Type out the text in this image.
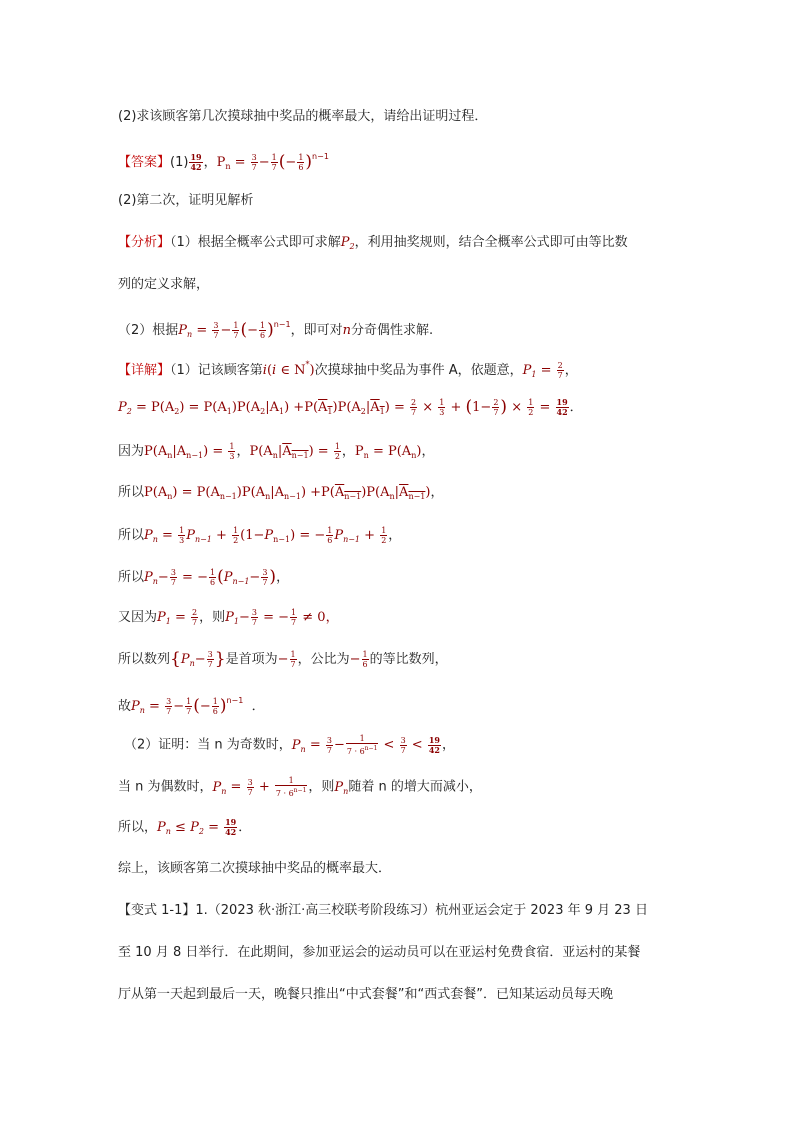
(2)求该顾客第几次摸球抽中奖品的概率最大，请给出证明过程．
【答案】$(1) \frac{19}{42}$ ，$P_n = \frac{3}{7} - \frac{1}{7}$ (− $\frac{1}{6} )^{n-1}$
(2)第二次，证明见解析
【分析】（1）根据全概率公式即可求解$P_2$，利用抽奖规则，结合全概率公式即可由等比数
列的定义求解，
（2）根据$P_n = \frac{3}{7} - \frac{1}{7}$ (− $\frac{1}{6} )^{n-1}$，即可对n分奇偶性求解.
【详解】（1）记该顾客第i(i ∈ N*)次摸球抽中奖品为事件 A，依题意，$P_1 = \frac{2}{7}$ ，
$P_2 = P(A_2) = P(A_1)P(A_2|A_1) +P(A_1)P(A_2|A_1) = \frac{2}{7} \times \frac{1}{3} + (1- \frac{2}{7}$ ) × $\frac{1}{2} = \frac{19}{42}$ ．
因为$P(A_n|A_{n-1}) = \frac{1}{3}$ ，$P(A_n|A_{n-1}) = \frac{1}{2}$ ，$P_n = P(A_n)$，
所以$P(A_n) = P(A_{n-1})P(A_n|A_{n-1}) +P(A_{n-1})P(A_n|A_{n-1})$，
所以$P_n = \frac{1}{3} P_{n-1} + \frac{1}{2} (1-P_{n-1})$ = − $\frac{1}{6} P_{n-1} + \frac{1}{2}$ ，
所以$P_n- \frac{3}{7}$ = − $\frac{1}{6} (P_{n-1}- \frac{3}{7}$ )，
又因为$P_1 = \frac{2}{7}$ ，则$P_1- \frac{3}{7}$ = − $\frac{1}{7} \ne 0$，
所以数列{$P_n- \frac{3}{7}$ }是首项为− $\frac{1}{7}$ ，公比为− $\frac{1}{6}$ 的等比数列，
故$P_n = \frac{3}{7} - \frac{1}{7}$ (− $\frac{1}{6} )^{n-1}$ ．
（2）证明：当 n 为奇数时，$P_n = \frac{3}{7} - \frac{1}{7 \cdot 6^{n-1}} < \frac{3}{7} < \frac{19}{42}$ ，
当 n 为偶数时，$P_n = \frac{3}{7} + \frac{1}{7 \cdot 6^{n-1}}$ ，则$P_n$随着 n 的增大而减小，
所以，$P_n \le P_2 = \frac{19}{42}$ ．
综上，该顾客第二次摸球抽中奖品的概率最大．
【变式 1-1】1.（2023 秋·浙江·高三校联考阶段练习）杭州亚运会定于 2023 年 9 月 23 日
至 10 月 8 日举行．在此期间，参加亚运会的运动员可以在亚运村免费食宿．亚运村的某餐
厅从第一天起到最后一天，晚餐只推出“中式套餐”和“西式套餐”．已知某运动员每天晚
